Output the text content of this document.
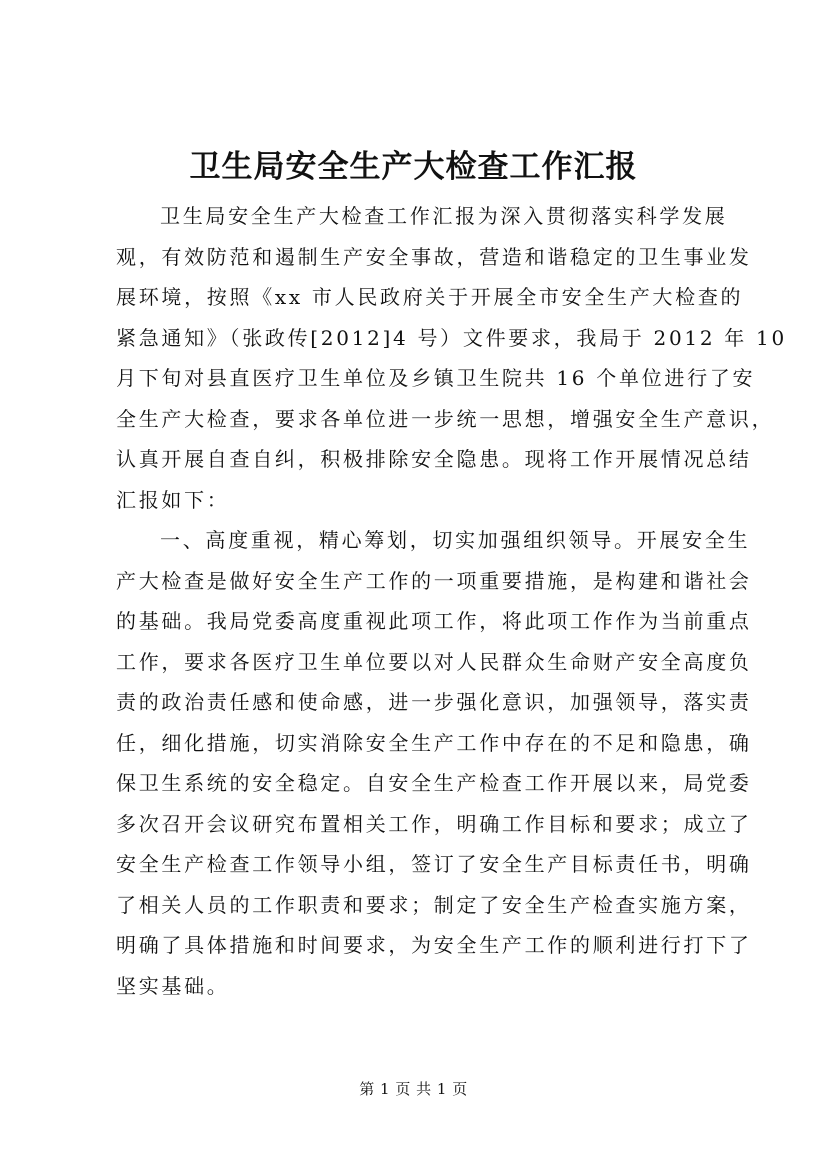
卫生局安全生产大检查工作汇报
卫生局安全生产大检查工作汇报为深入贯彻落实科学发展
观，有效防范和遏制生产安全事故，营造和谐稳定的卫生事业发
展环境，按照《xx 市人民政府关于开展全市安全生产大检查的
紧急通知》（张政传[2012]4 号）文件要求，我局于 2012 年 10
月下旬对县直医疗卫生单位及乡镇卫生院共 16 个单位进行了安
全生产大检查，要求各单位进一步统一思想，增强安全生产意识，
认真开展自查自纠，积极排除安全隐患。现将工作开展情况总结
汇报如下：
一、高度重视，精心筹划，切实加强组织领导。开展安全生
产大检查是做好安全生产工作的一项重要措施，是构建和谐社会
的基础。我局党委高度重视此项工作，将此项工作作为当前重点
工作，要求各医疗卫生单位要以对人民群众生命财产安全高度负
责的政治责任感和使命感，进一步强化意识，加强领导，落实责
任，细化措施，切实消除安全生产工作中存在的不足和隐患，确
保卫生系统的安全稳定。自安全生产检查工作开展以来，局党委
多次召开会议研究布置相关工作，明确工作目标和要求；成立了
安全生产检查工作领导小组，签订了安全生产目标责任书，明确
了相关人员的工作职责和要求；制定了安全生产检查实施方案，
明确了具体措施和时间要求，为安全生产工作的顺利进行打下了
坚实基础。
第 1 页 共 1 页
